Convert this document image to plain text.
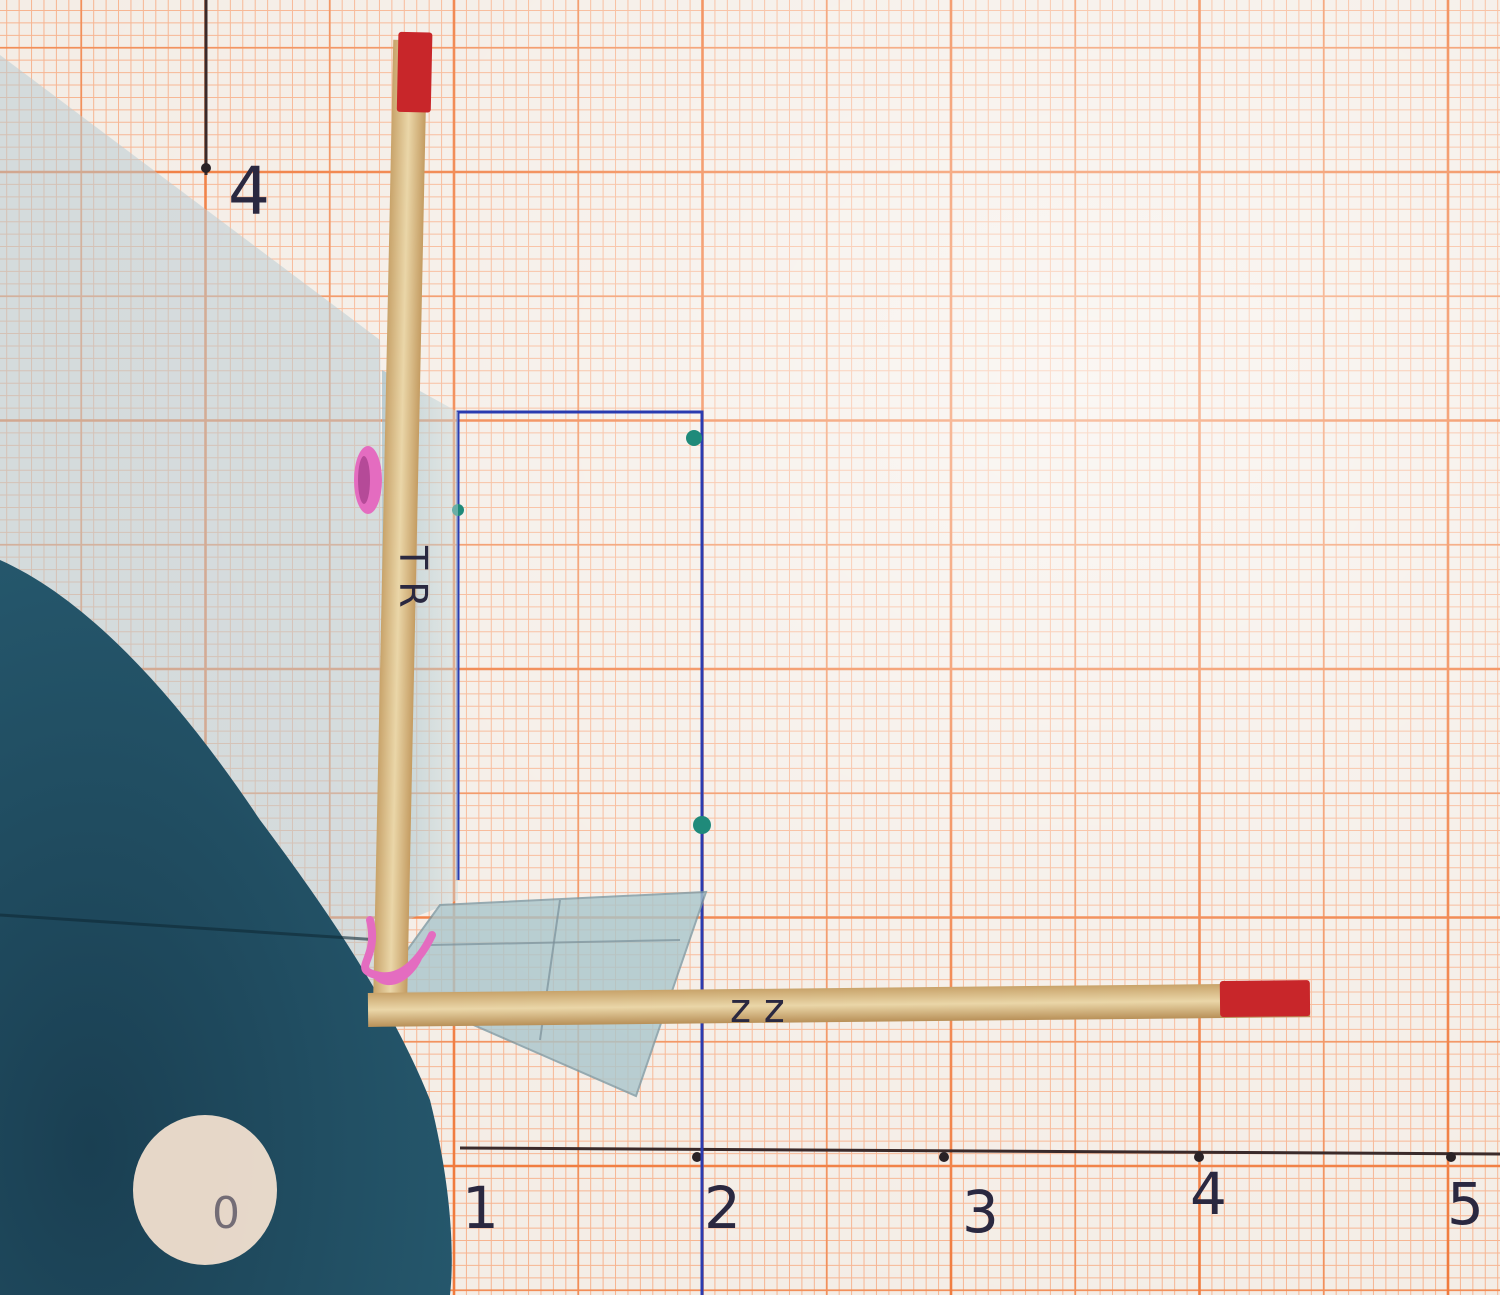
1	2	3	4	5
4
0
T R
z z
